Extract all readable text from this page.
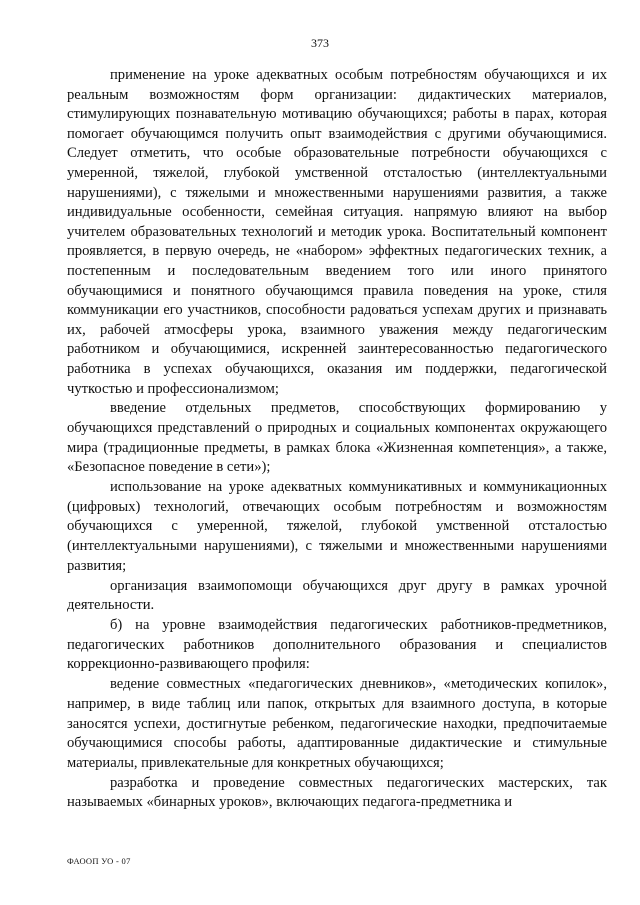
373

применение на уроке адекватных особым потребностям обучающихся и их реальным возможностям форм организации: дидактических материалов, стимулирующих познавательную мотивацию обучающихся; работы в парах, которая помогает обучающимся получить опыт взаимодействия с другими обучающимися. Следует отметить, что особые образовательные потребности обучающихся с умеренной, тяжелой, глубокой умственной отсталостью (интеллектуальными нарушениями), с тяжелыми и множественными нарушениями развития, а также индивидуальные особенности, семейная ситуация. напрямую влияют на выбор учителем образовательных технологий и методик урока. Воспитательный компонент проявляется, в первую очередь, не «набором» эффектных педагогических техник, а постепенным и последовательным введением того или иного принятого обучающимися и понятного обучающимся правила поведения на уроке, стиля коммуникации его участников, способности радоваться успехам других и признавать их, рабочей атмосферы урока, взаимного уважения между педагогическим работником и обучающимися, искренней заинтересованностью педагогического работника в успехах обучающихся, оказания им поддержки, педагогической чуткостью и профессионализмом;

введение отдельных предметов, способствующих формированию у обучающихся представлений о природных и социальных компонентах окружающего мира (традиционные предметы, в рамках блока «Жизненная компетенция», а также, «Безопасное поведение в сети»);

использование на уроке адекватных коммуникативных и коммуникационных (цифровых) технологий, отвечающих особым потребностям и возможностям обучающихся с умеренной, тяжелой, глубокой умственной отсталостью (интеллектуальными нарушениями), с тяжелыми и множественными нарушениями развития;

организация взаимопомощи обучающихся друг другу в рамках урочной деятельности.

б) на уровне взаимодействия педагогических работников-предметников, педагогических работников дополнительного образования и специалистов коррекционно-развивающего профиля:

ведение совместных «педагогических дневников», «методических копилок», например, в виде таблиц или папок, открытых для взаимного доступа, в которые заносятся успехи, достигнутые ребенком, педагогические находки, предпочитаемые обучающимися способы работы, адаптированные дидактические и стимульные материалы, привлекательные для конкретных обучающихся;

разработка и проведение совместных педагогических мастерских, так называемых «бинарных уроков», включающих педагога-предметника и

ФАООП УО - 07
